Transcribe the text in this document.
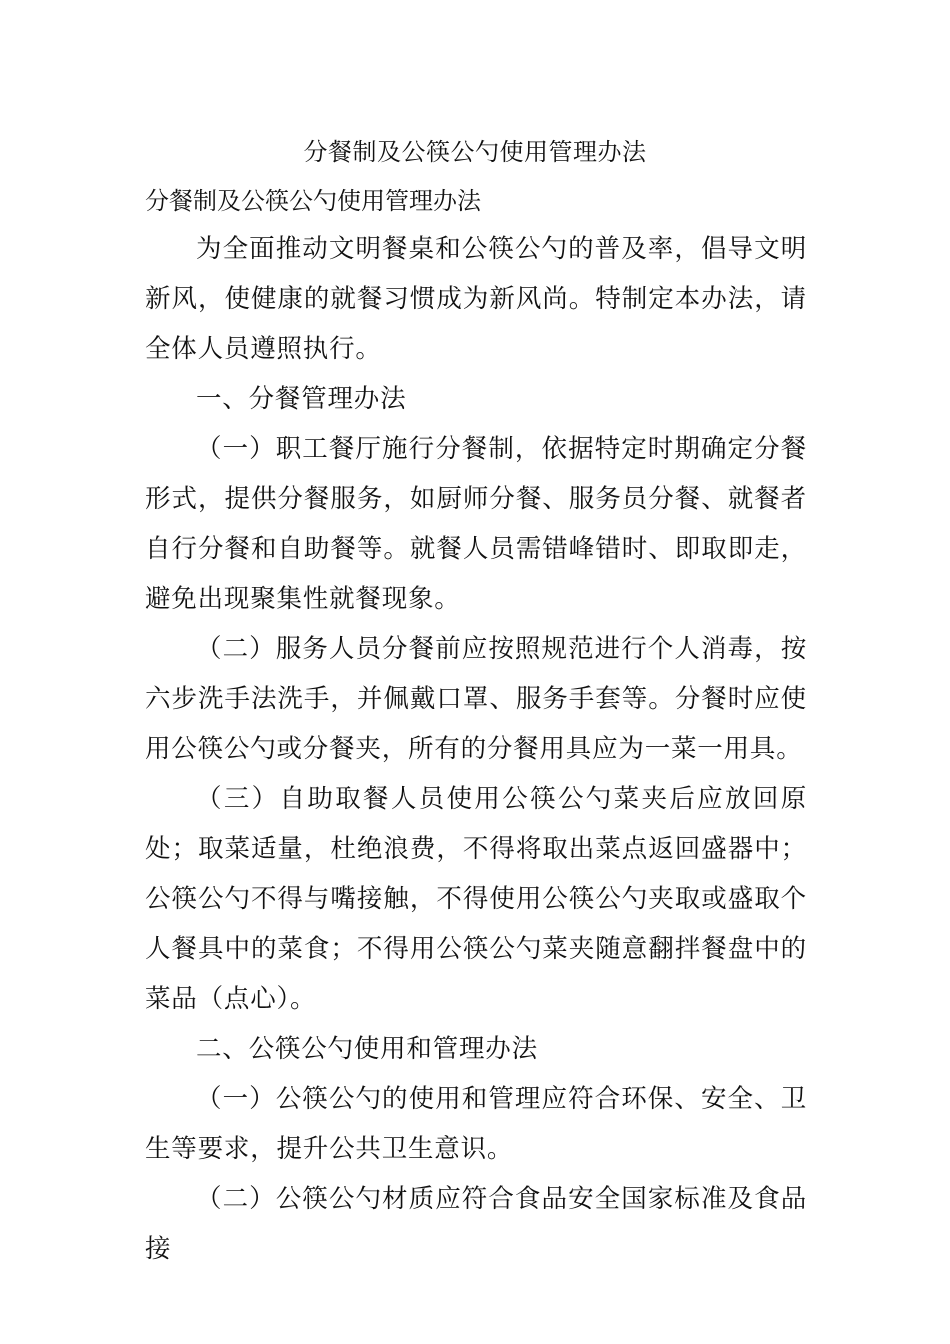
分餐制及公筷公勺使用管理办法
分餐制及公筷公勺使用管理办法

为全面推动文明餐桌和公筷公勺的普及率，倡导文明新风，使健康的就餐习惯成为新风尚。特制定本办法，请全体人员遵照执行。

一、分餐管理办法

（一）职工餐厅施行分餐制，依据特定时期确定分餐形式，提供分餐服务，如厨师分餐、服务员分餐、就餐者自行分餐和自助餐等。就餐人员需错峰错时、即取即走，避免出现聚集性就餐现象。

（二）服务人员分餐前应按照规范进行个人消毒，按六步洗手法洗手，并佩戴口罩、服务手套等。分餐时应使用公筷公勺或分餐夹，所有的分餐用具应为一菜一用具。

（三）自助取餐人员使用公筷公勺菜夹后应放回原处；取菜适量，杜绝浪费，不得将取出菜点返回盛器中；公筷公勺不得与嘴接触，不得使用公筷公勺夹取或盛取个人餐具中的菜食；不得用公筷公勺菜夹随意翻拌餐盘中的菜品（点心）。

二、公筷公勺使用和管理办法

（一）公筷公勺的使用和管理应符合环保、安全、卫生等要求，提升公共卫生意识。

（二）公筷公勺材质应符合食品安全国家标准及食品接
